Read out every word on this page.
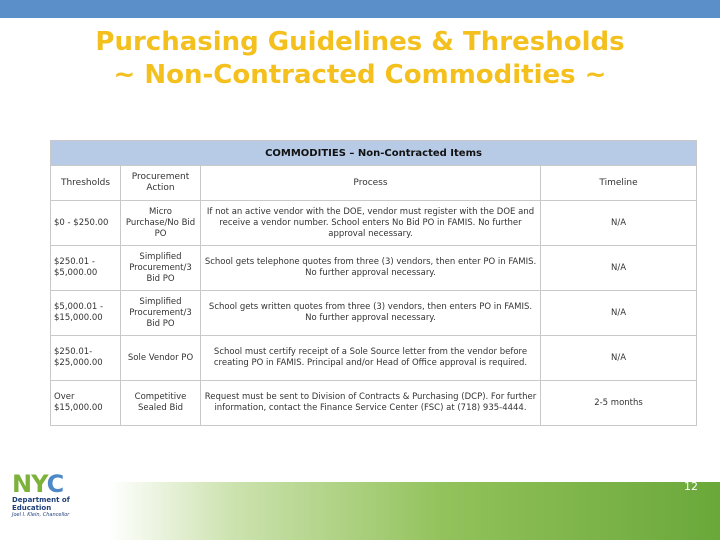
Purchasing Guidelines & Thresholds
~ Non-Contracted Commodities ~
COMMODITIES – Non-Contracted Items			
Thresholds	Procurement Action	Process	Timeline
$0 - $250.00	Micro Purchase/No Bid PO	If not an active vendor with the DOE, vendor must register with the DOE and receive a vendor number. School enters No Bid PO in FAMIS. No further approval necessary.	N/A
$250.01 - $5,000.00	Simplified Procurement/3 Bid PO	School gets telephone quotes from three (3) vendors, then enter PO in FAMIS. No further approval necessary.	N/A
$5,000.01 - $15,000.00	Simplified Procurement/3 Bid PO	School gets written quotes from three (3) vendors, then enters PO in FAMIS. No further approval necessary.	N/A
$250.01- $25,000.00	Sole Vendor PO	School must certify receipt of a Sole Source letter from the vendor before creating PO in FAMIS. Principal and/or Head of Office approval is required.	N/A
Over $15,000.00	Competitive Sealed Bid	Request must be sent to Division of Contracts & Purchasing (DCP). For further information, contact the Finance Service Center (FSC) at (718) 935-4444.	2-5 months
NYC
Department of
Education
Joel I. Klein, Chancellor
12
